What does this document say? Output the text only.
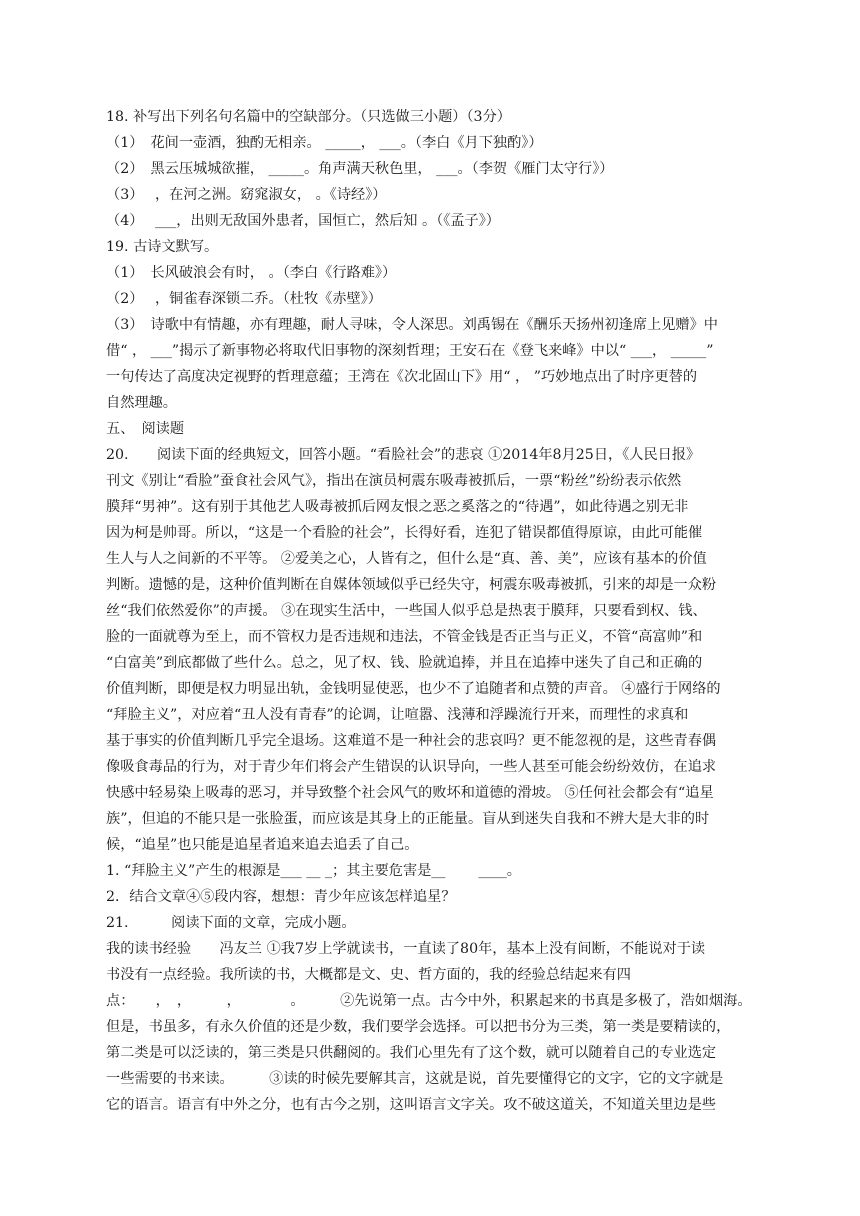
18. 补写出下列名句名篇中的空缺部分。（只选做三小题）（3分）
（1）　花间一壶酒，独酌无相亲。 _____， ___。（李白《月下独酌》）
（2）　黑云压城城欲摧， _____。角声满天秋色里， ___。（李贺《雁门太守行》）
（3）　 ，在河之洲。窈窕淑女， 。《诗经》）
（4）　 ___，出则无敌国外患者，国恒亡，然后知 。（《孟子》）
19. 古诗文默写。
（1）　长风破浪会有时， 。（李白《行路难》）
（2）　 ，铜雀春深锁二乔。（杜牧《赤壁》）
（3）　诗歌中有情趣，亦有理趣，耐人寻味，令人深思。刘禹锡在《酬乐天扬州初逢席上见赠》中
借“ ， ___”揭示了新事物必将取代旧事物的深刻哲理；王安石在《登飞来峰》中以“ ___， _____”
一句传达了高度决定视野的哲理意蕴；王湾在《次北固山下》用“ ， ”巧妙地点出了时序更替的
自然理趣。
五、　阅读题
20.　　阅读下面的经典短文，回答小题。“看脸社会”的悲哀 ①2014年8月25日，《人民日报》
刊文《别让“看脸”蚕食社会风气》，指出在演员柯震东吸毒被抓后，一票“粉丝”纷纷表示依然
膜拜“男神”。这有别于其他艺人吸毒被抓后网友恨之恶之奚落之的“待遇”，如此待遇之别无非
因为柯是帅哥。所以，“这是一个看脸的社会”，长得好看，连犯了错误都值得原谅，由此可能催
生人与人之间新的不平等。 ②爱美之心，人皆有之，但什么是“真、善、美”，应该有基本的价值
判断。遗憾的是，这种价值判断在自媒体领域似乎已经失守，柯震东吸毒被抓，引来的却是一众粉
丝“我们依然爱你”的声援。 ③在现实生活中，一些国人似乎总是热衷于膜拜，只要看到权、钱、
脸的一面就尊为至上，而不管权力是否违规和违法，不管金钱是否正当与正义，不管“高富帅”和
“白富美”到底都做了些什么。总之，见了权、钱、脸就追捧，并且在追捧中迷失了自己和正确的
价值判断，即便是权力明显出轨，金钱明显使恶，也少不了追随者和点赞的声音。 ④盛行于网络的
“拜脸主义”，对应着“丑人没有青春”的论调，让喧嚣、浅薄和浮躁流行开来，而理性的求真和
基于事实的价值判断几乎完全退场。这难道不是一种社会的悲哀吗？更不能忽视的是，这些青春偶
像吸食毒品的行为，对于青少年们将会产生错误的认识导向，一些人甚至可能会纷纷效仿，在追求
快感中轻易染上吸毒的恶习，并导致整个社会风气的败坏和道德的滑坡。 ⑤任何社会都会有“追星
族”，但追的不能只是一张脸蛋，而应该是其身上的正能量。盲从到迷失自我和不辨大是大非的时
候，“追星”也只能是追星者追来追去追丢了自己。
1. “拜脸主义”产生的根源是___ __ _；其主要危害是__　　 ____。
2．结合文章④⑤段内容，想想：青少年应该怎样追星？
21.　　　阅读下面的文章，完成小题。
我的读书经验　　冯友兰 ①我7岁上学就读书，一直读了80年，基本上没有间断，不能说对于读
书没有一点经验。我所读的书，大概都是文、史、哲方面的，我的经验总结起来有四
点：　　，　，　　　，　　　　。　　　②先说第一点。古今中外，积累起来的书真是多极了，浩如烟海。
但是，书虽多，有永久价值的还是少数，我们要学会选择。可以把书分为三类，第一类是要精读的，
第二类是可以泛读的，第三类是只供翻阅的。我们心里先有了这个数，就可以随着自己的专业选定
一些需要的书来读。　　　③读的时候先要解其言，这就是说，首先要懂得它的文字，它的文字就是
它的语言。语言有中外之分，也有古今之别，这叫语言文字关。攻不破这道关，不知道关里边是些
